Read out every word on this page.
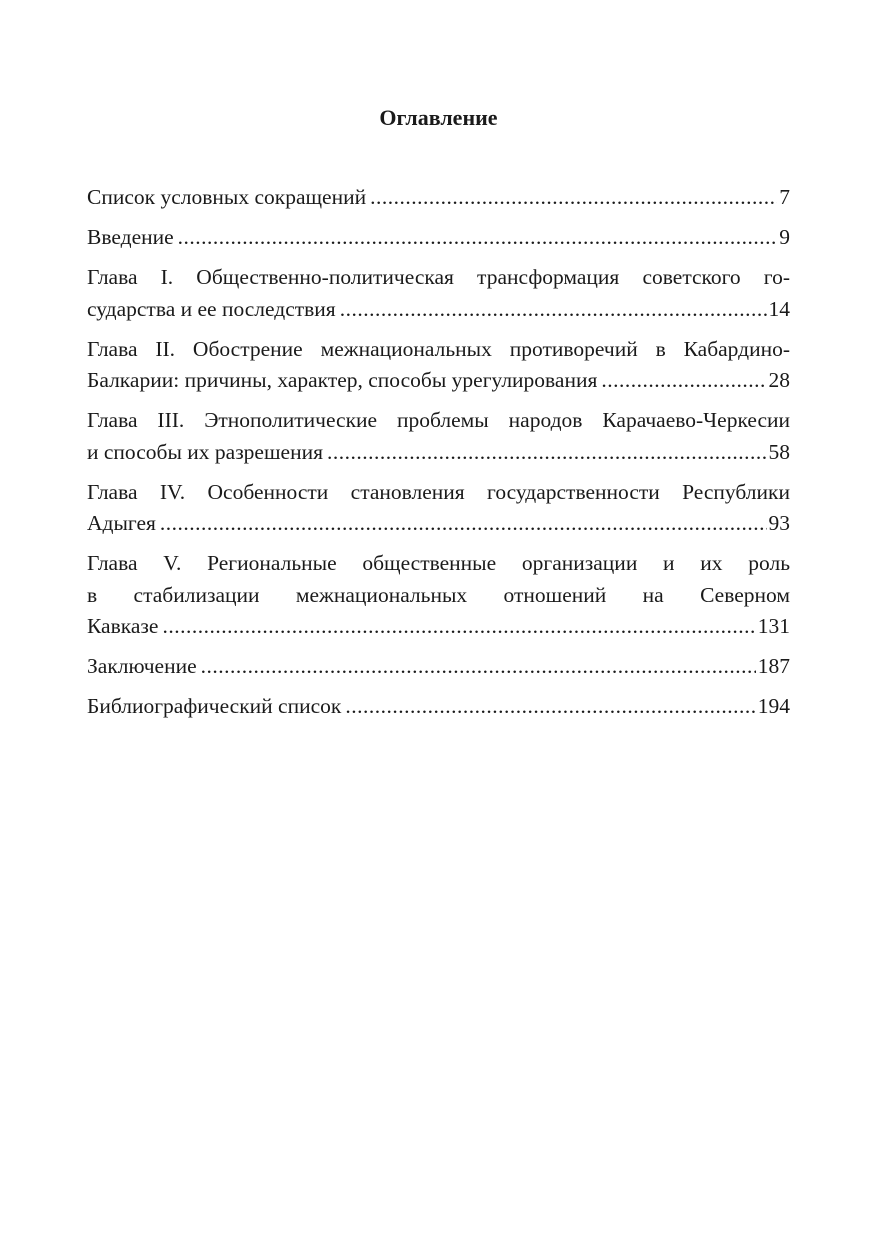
Оглавление
Список условных сокращений .....	7
Введение .....	9
Глава I. Общественно-политическая трансформация советского го-
сударства и ее последствия .....	14
Глава II. Обострение межнациональных противоречий в Кабардино-
Балкарии: причины, характер, способы урегулирования .....	28
Глава III. Этнополитические проблемы народов Карачаево-Черкесии
и способы их разрешения .....	58
Глава IV. Особенности становления государственности Республики
Адыгея .....	93
Глава V. Региональные общественные организации и их роль
в стабилизации межнациональных отношений на Северном
Кавказе .....	131
Заключение .....	187
Библиографический список .....	194
